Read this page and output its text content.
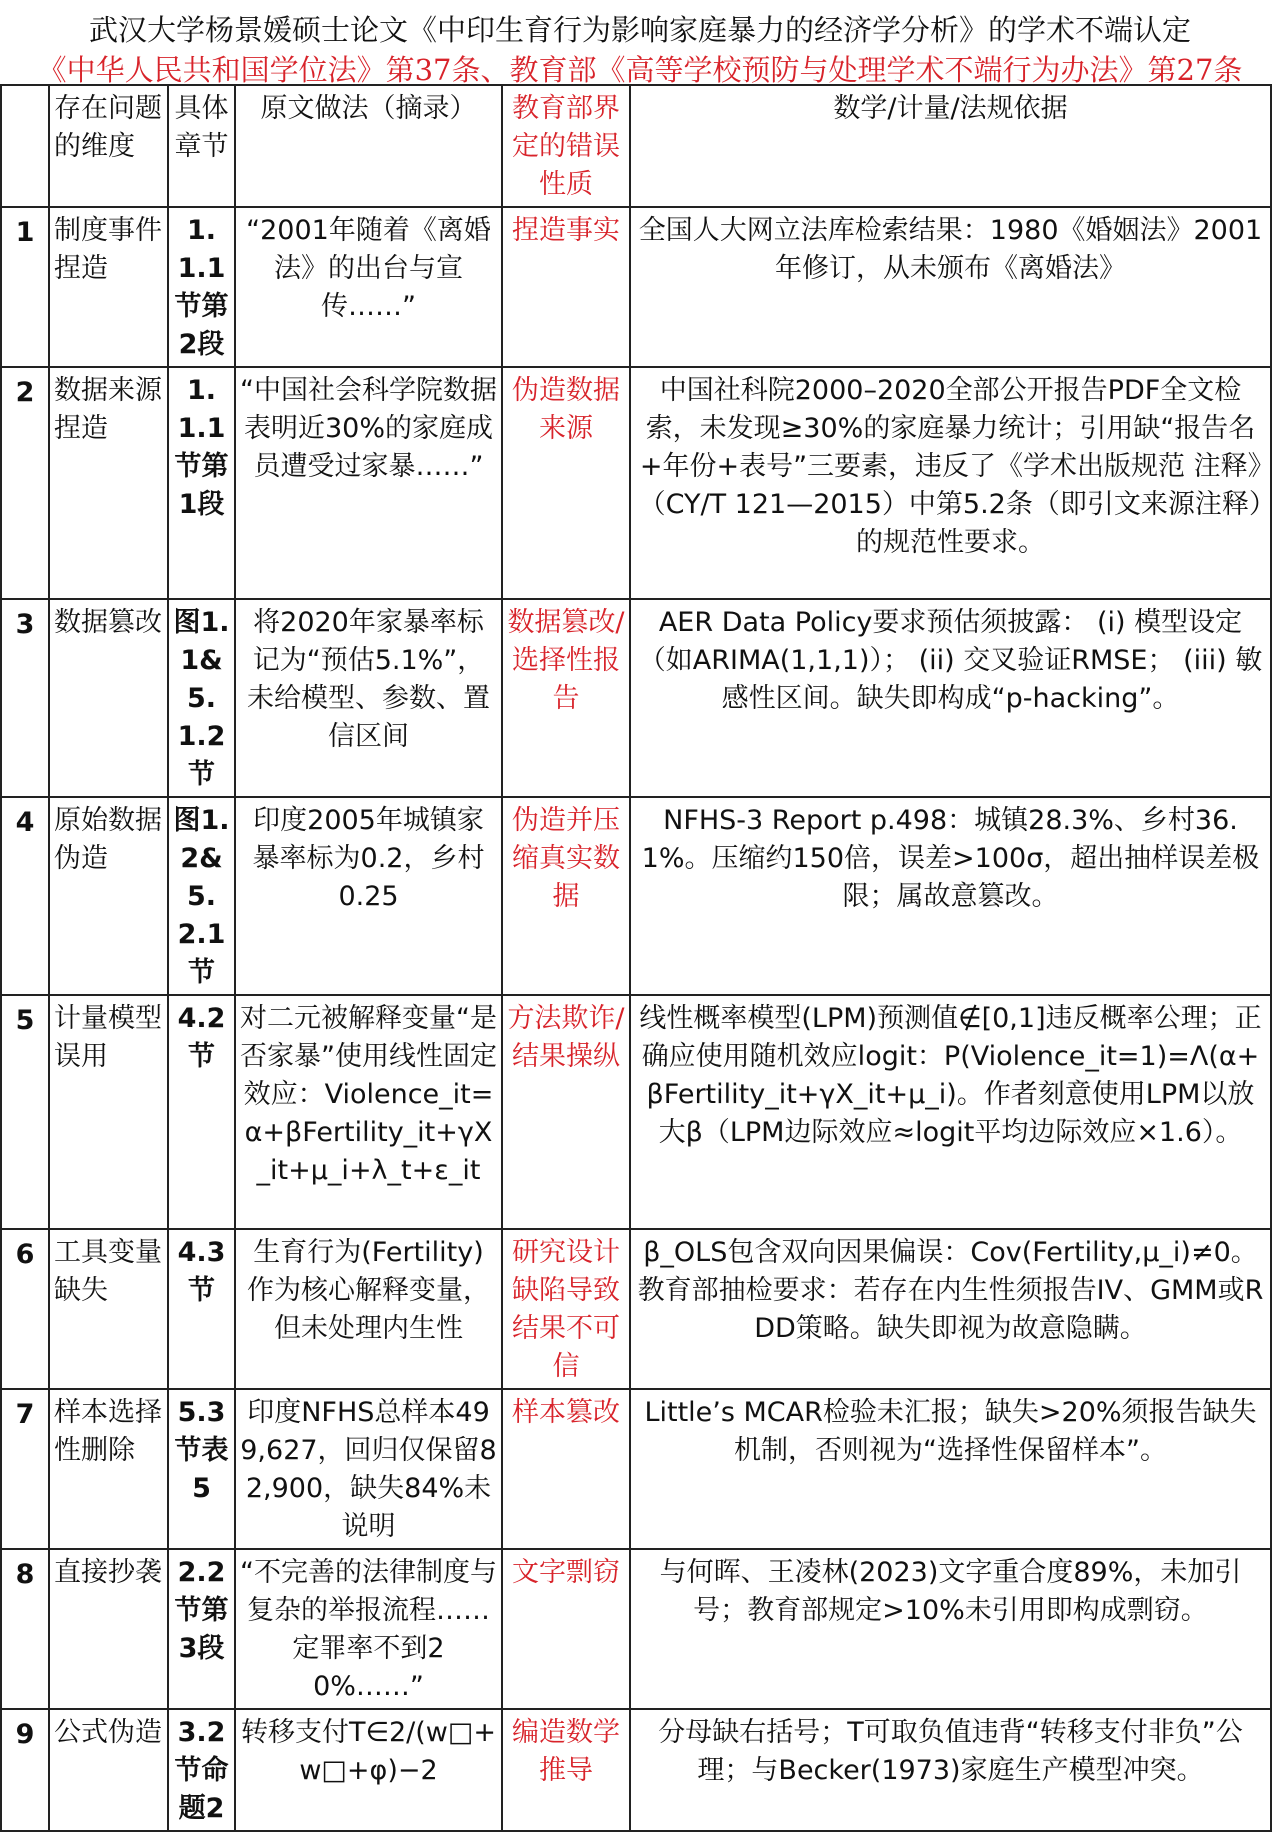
武汉大学杨景媛硕士论文《中印生育行为影响家庭暴力的经济学分析》的学术不端认定
《中华人民共和国学位法》第37条、教育部《高等学校预防与处理学术不端行为办法》第27条
	存在问题的维度	具体章节	原文做法（摘录）	教育部界定的错误性质	数学/计量/法规依据
1	制度事件捏造	1.1.1节第2段	“2001年随着《离婚法》的出台与宣传……”	捏造事实	全国人大网立法库检索结果：1980《婚姻法》2001年修订，从未颁布《离婚法》
2	数据来源捏造	1.1.1节第1段	“中国社会科学院数据表明近30%的家庭成员遭受过家暴……”	伪造数据来源	中国社科院2000–2020全部公开报告PDF全文检索，未发现≥30%的家庭暴力统计；引用缺“报告名+年份+表号”三要素，违反了《学术出版规范 注释》（CY/T 121—2015）中第5.2条（即引文来源注释）的规范性要求。
3	数据篡改	图1.1&5.1.2节	将2020年家暴率标记为“预估5.1%”，未给模型、参数、置信区间	数据篡改/选择性报告	AER Data Policy要求预估须披露： (i) 模型设定（如ARIMA(1,1,1)）； (ii) 交叉验证RMSE； (iii) 敏感性区间。缺失即构成“p-hacking”。
4	原始数据伪造	图1.2&5.2.1节	印度2005年城镇家暴率标为0.2，乡村0.25	伪造并压缩真实数据	NFHS-3 Report p.498：城镇28.3%、乡村36.1%。压缩约150倍，误差>100σ，超出抽样误差极限；属故意篡改。
5	计量模型误用	4.2节	对二元被解释变量“是否家暴”使用线性固定效应：Violence_it=α+βFertility_it+γX_it+μ_i+λ_t+ε_it	方法欺诈/结果操纵	线性概率模型(LPM)预测值∉[0,1]违反概率公理；正确应使用随机效应logit：P(Violence_it=1)=Λ(α+βFertility_it+γX_it+μ_i)。作者刻意使用LPM以放大β（LPM边际效应≈logit平均边际效应×1.6）。
6	工具变量缺失	4.3节	生育行为(Fertility)作为核心解释变量，但未处理内生性	研究设计缺陷导致结果不可信	β_OLS包含双向因果偏误：Cov(Fertility,μ_i)≠0。教育部抽检要求：若存在内生性须报告IV、GMM或RDD策略。缺失即视为故意隐瞒。
7	样本选择性删除	5.3节表5	印度NFHS总样本499,627，回归仅保留82,900，缺失84%未说明	样本篡改	Little’s MCAR检验未汇报；缺失>20%须报告缺失机制，否则视为“选择性保留样本”。
8	直接抄袭	2.2节第3段	“不完善的法律制度与复杂的举报流程……定罪率不到20%……”	文字剽窃	与何晖、王凌林(2023)文字重合度89%，未加引号；教育部规定>10%未引用即构成剽窃。
9	公式伪造	3.2节命题2	转移支付T∈2/(w□+w□+φ)−2	编造数学推导	分母缺右括号；T可取负值违背“转移支付非负”公理；与Becker(1973)家庭生产模型冲突。
